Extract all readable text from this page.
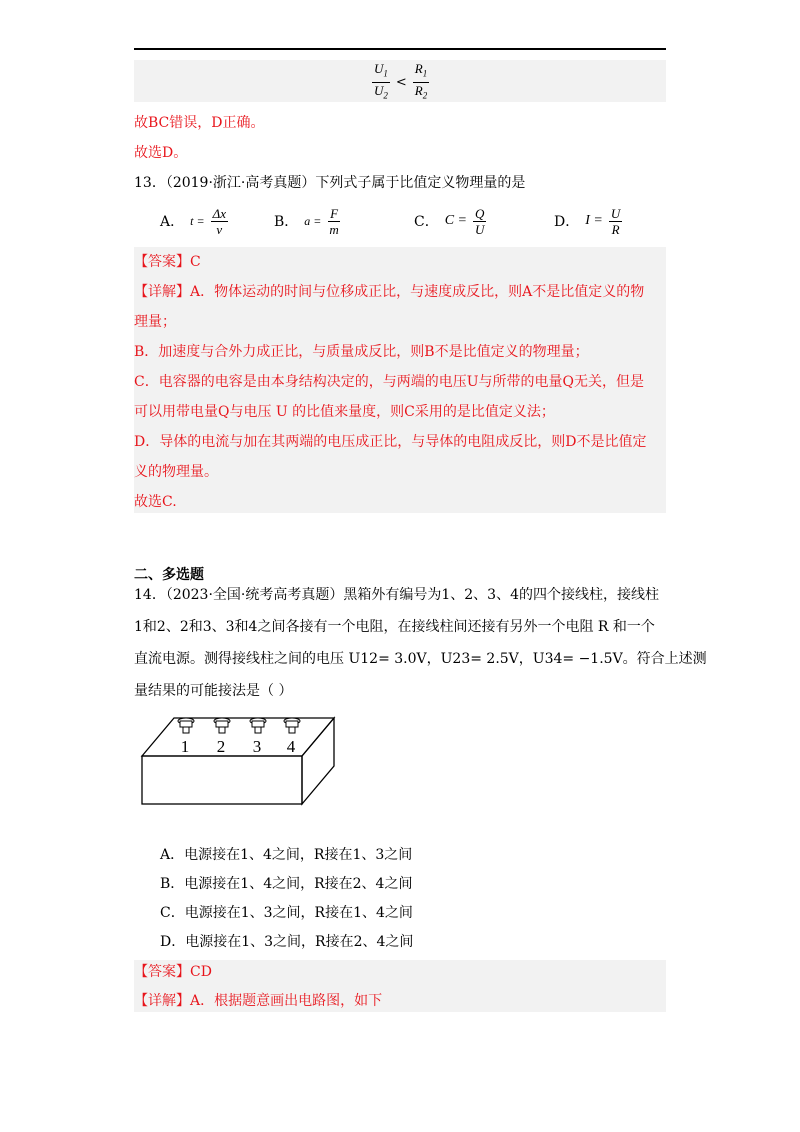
$\frac{U_1}{U_2} < \frac{R_1}{R_2}$
故BC错误，D正确。
故选D。
13．（2019·浙江·高考真题）下列式子属于比值定义物理量的是
A． $t = \frac{\Delta x}{v}$	B． $a = \frac{F}{m}$	C． $C = \frac{Q}{U}$	D． $I = \frac{U}{R}$
【答案】C
【详解】A．物体运动的时间与位移成正比，与速度成反比，则A不是比值定义的物
理量；
B．加速度与合外力成正比，与质量成反比，则B不是比值定义的物理量；
C．电容器的电容是由本身结构决定的，与两端的电压U与所带的电量Q无关，但是
可以用带电量Q与电压 U 的比值来量度，则C采用的是比值定义法；
D．导体的电流与加在其两端的电压成正比，与导体的电阻成反比，则D不是比值定
义的物理量。
故选C.
二、多选题
14．（2023·全国·统考高考真题）黑箱外有编号为1、2、3、4的四个接线柱，接线柱
1和2、2和3、3和4之间各接有一个电阻，在接线柱间还接有另外一个电阻 R 和一个
直流电源。测得接线柱之间的电压 U12= 3.0V，U23= 2.5V，U34= −1.5V。符合上述测
量结果的可能接法是（ ）
1 2 3 4
A．电源接在1、4之间，R接在1、3之间
B．电源接在1、4之间，R接在2、4之间
C．电源接在1、3之间，R接在1、4之间
D．电源接在1、3之间，R接在2、4之间
【答案】CD
【详解】A．根据题意画出电路图，如下
